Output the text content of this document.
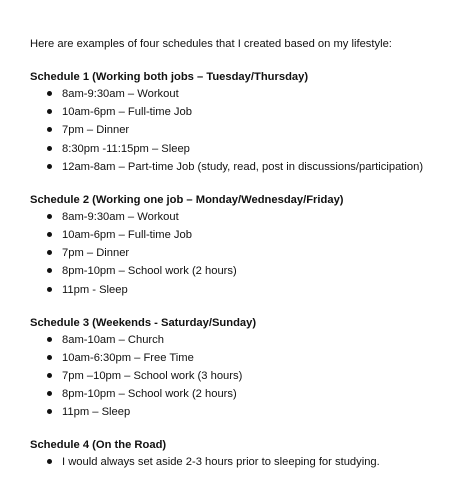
Here are examples of four schedules that I created based on my lifestyle:

Schedule 1 (Working both jobs – Tuesday/Thursday)
8am-9:30am – Workout
10am-6pm – Full-time Job
7pm – Dinner
8:30pm -11:15pm – Sleep
12am-8am – Part-time Job (study, read, post in discussions/participation)
Schedule 2 (Working one job – Monday/Wednesday/Friday)
8am-9:30am – Workout
10am-6pm – Full-time Job
7pm – Dinner
8pm-10pm – School work (2 hours)
11pm - Sleep
Schedule 3 (Weekends - Saturday/Sunday)
8am-10am – Church
10am-6:30pm – Free Time
7pm –10pm – School work (3 hours)
8pm-10pm – School work (2 hours)
11pm – Sleep
Schedule 4 (On the Road)
I would always set aside 2-3 hours prior to sleeping for studying.
